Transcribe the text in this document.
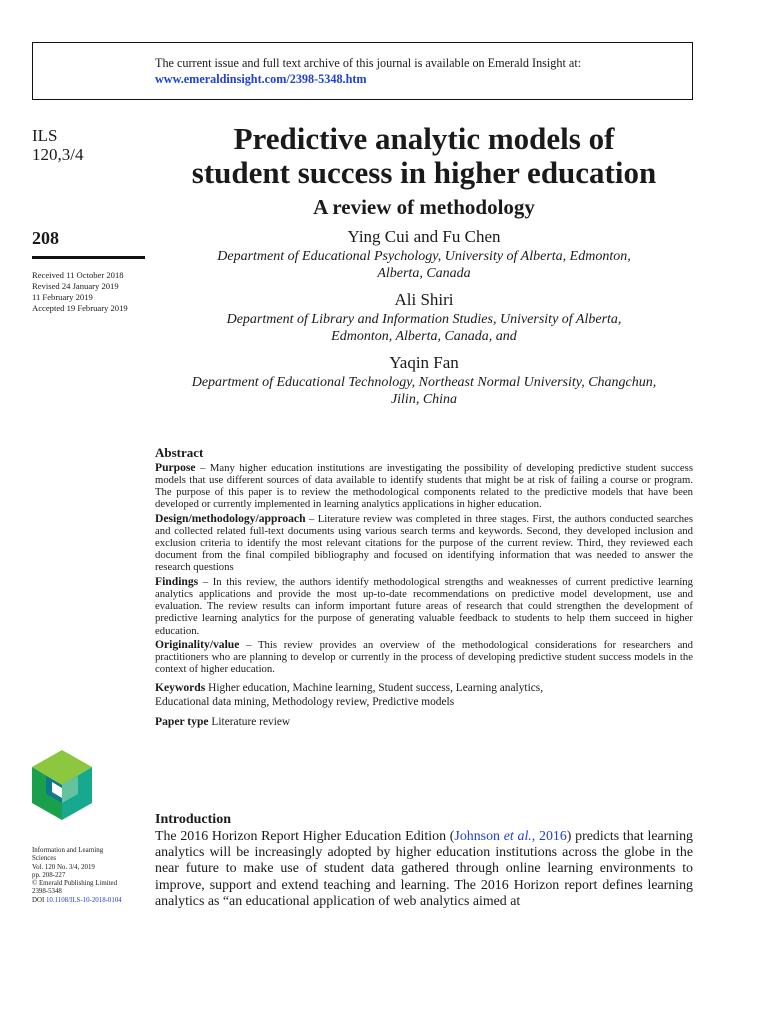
The current issue and full text archive of this journal is available on Emerald Insight at:
www.emeraldinsight.com/2398-5348.htm
ILS
120,3/4
208
Received 11 October 2018
Revised 24 January 2019
11 February 2019
Accepted 19 February 2019
Predictive analytic models of
student success in higher education
A review of methodology
Ying Cui and Fu Chen
Department of Educational Psychology, University of Alberta, Edmonton,
Alberta, Canada
Ali Shiri
Department of Library and Information Studies, University of Alberta,
Edmonton, Alberta, Canada, and
Yaqin Fan
Department of Educational Technology, Northeast Normal University, Changchun,
Jilin, China
Abstract

Purpose – Many higher education institutions are investigating the possibility of developing predictive student success models that use different sources of data available to identify students that might be at risk of failing a course or program. The purpose of this paper is to review the methodological components related to the predictive models that have been developed or currently implemented in learning analytics applications in higher education.

Design/methodology/approach – Literature review was completed in three stages. First, the authors conducted searches and collected related full-text documents using various search terms and keywords. Second, they developed inclusion and exclusion criteria to identify the most relevant citations for the purpose of the current review. Third, they reviewed each document from the final compiled bibliography and focused on identifying information that was needed to answer the research questions

Findings – In this review, the authors identify methodological strengths and weaknesses of current predictive learning analytics applications and provide the most up-to-date recommendations on predictive model development, use and evaluation. The review results can inform important future areas of research that could strengthen the development of predictive learning analytics for the purpose of generating valuable feedback to students to help them succeed in higher education.

Originality/value – This review provides an overview of the methodological considerations for researchers and practitioners who are planning to develop or currently in the process of developing predictive student success models in the context of higher education.

Keywords Higher education, Machine learning, Student success, Learning analytics,
Educational data mining, Methodology review, Predictive models
Paper type Literature review
Information and Learning
Sciences
Vol. 120 No. 3/4, 2019
pp. 208-227
© Emerald Publishing Limited
2398-5348
DOI 10.1108/ILS-10-2018-0104
Introduction
The 2016 Horizon Report Higher Education Edition (Johnson et al., 2016) predicts that learning analytics will be increasingly adopted by higher education institutions across the globe in the near future to make use of student data gathered through online learning environments to improve, support and extend teaching and learning. The 2016 Horizon report defines learning analytics as “an educational application of web analytics aimed at
